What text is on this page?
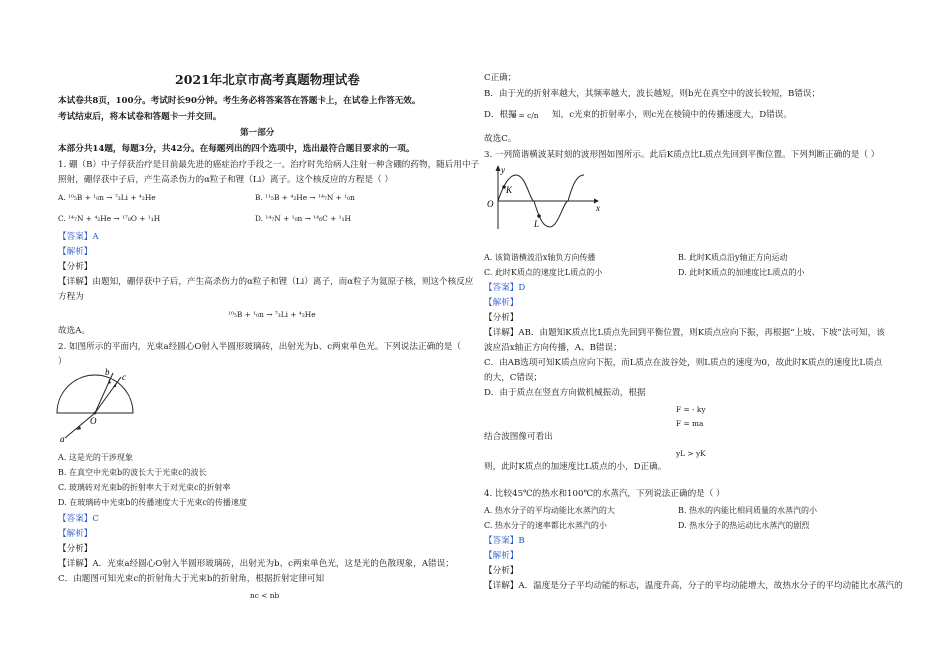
2021年北京市高考真题物理试卷
本试卷共8页，100分。考试时长90分钟。考生务必将答案答在答题卡上，在试卷上作答无效。
考试结束后，将本试卷和答题卡一并交回。
第一部分
本部分共14题，每题3分，共42分。在每题列出的四个选项中，选出最符合题目要求的一项。
1. 硼（B）中子俘获治疗是目前最先进的癌症治疗手段之一。治疗时先给病人注射一种含硼的药物，随后用中子
照射，硼俘获中子后，产生高杀伤力的α粒子和锂（Li）离子。这个核反应的方程是（ ）
A. ¹⁰₅B + ¹₀n → ⁷₃Li + ⁴₂He	B. ¹¹₅B + ⁴₂He → ¹⁴₇N + ¹₀n
C. ¹⁴₇N + ⁴₂He → ¹⁷₈O + ¹₁H	D. ¹⁴₇N + ¹₀n → ¹⁴₆C + ¹₁H
【答案】A
【解析】
【分析】
【详解】由题知，硼俘获中子后，产生高杀伤力的α粒子和锂（Li）离子，而α粒子为氦原子核，则这个核反应
方程为
¹⁰₅B + ¹₀n → ⁷₃Li + ⁴₂He
故选A。
2. 如图所示的平面内，光束a经圆心O射入半圆形玻璃砖，出射光为b、c两束单色光。下列说法正确的是（
）
b c
O
a
A. 这是光的干涉现象
B. 在真空中光束b的波长大于光束c的波长
C. 玻璃砖对光束b的折射率大于对光束c的折射率
D. 在玻璃砖中光束b的传播速度大于光束c的传播速度
【答案】C
【解析】
【分析】
【详解】A．光束a经圆心O射入半圆形玻璃砖，出射光为b、c两束单色光，这是光的色散现象，A错误；
C．由题图可知光束c的折射角大于光束b的折射角，根据折射定律可知
nc < nb
C正确；
B．由于光的折射率越大，其频率越大，波长越短，则b光在真空中的波长较短，B错误；
D．根据
v = c/n 知，c光束的折射率小，则c光在棱镜中的传播速度大，D错误。
故选C。
3. 一列简谐横波某时刻的波形图如图所示。此后K质点比L质点先回到平衡位置。下列判断正确的是（ ）
y
K
O
L
x
A. 该简谐横波沿x轴负方向传播	B. 此时K质点沿y轴正方向运动
C. 此时K质点的速度比L质点的小	D. 此时K质点的加速度比L质点的小
【答案】D
【解析】
【分析】
【详解】AB．由题知K质点比L质点先回到平衡位置，则K质点应向下振，再根据“上坡、下坡”法可知，该
波应沿x轴正方向传播，A、B错误；
C．由AB选项可知K质点应向下振，而L质点在波谷处，则L质点的速度为0，故此时K质点的速度比L质点
的大，C错误；
D．由于质点在竖直方向做机械振动，根据
F = - ky
F = ma
结合波图像可看出
yL > yK
则，此时K质点的加速度比L质点的小，D正确。
4. 比较45℃的热水和100℃的水蒸汽，下列说法正确的是（ ）
A. 热水分子的平均动能比水蒸汽的大	B. 热水的内能比相同质量的水蒸汽的小
C. 热水分子的速率都比水蒸汽的小	D. 热水分子的热运动比水蒸汽的剧烈
【答案】B
【解析】
【分析】
【详解】A．温度是分子平均动能的标志，温度升高，分子的平均动能增大，故热水分子的平均动能比水蒸汽的
